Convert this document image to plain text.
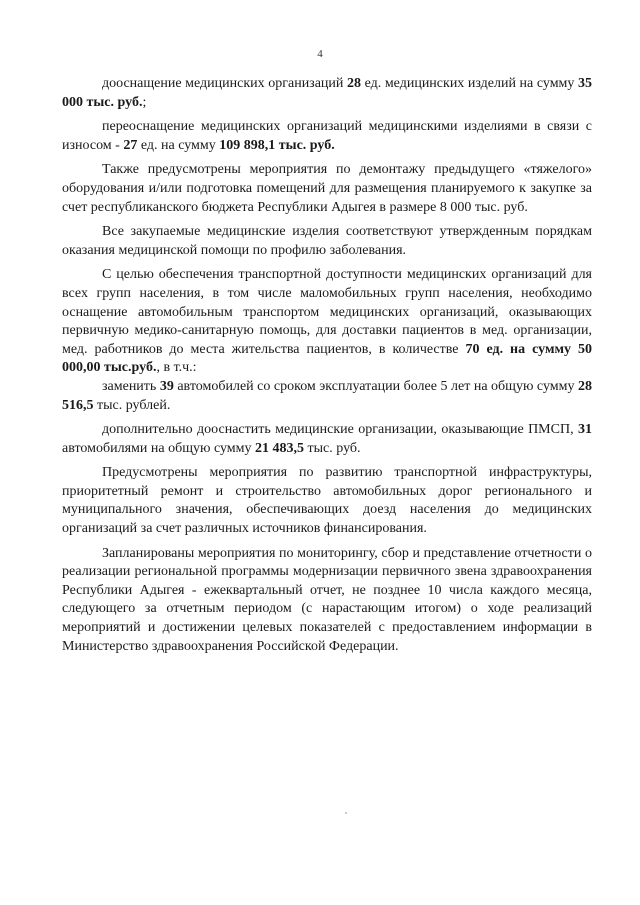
4

дооснащение медицинских организаций 28 ед. медицинских изделий на сумму 35 000 тыс. руб.;

переоснащение медицинских организаций медицинскими изделиями в связи с износом - 27 ед. на сумму 109 898,1 тыс. руб.

Также предусмотрены мероприятия по демонтажу предыдущего «тяжелого» оборудования и/или подготовка помещений для размещения планируемого к закупке за счет республиканского бюджета Республики Адыгея в размере 8 000 тыс. руб.

Все закупаемые медицинские изделия соответствуют утвержденным порядкам оказания медицинской помощи по профилю заболевания.

С целью обеспечения транспортной доступности медицинских организаций для всех групп населения, в том числе маломобильных групп населения, необходимо оснащение автомобильным транспортом медицинских организаций, оказывающих первичную медико-санитарную помощь, для доставки пациентов в мед. организации, мед. работников до места жительства пациентов, в количестве 70 ед. на сумму 50 000,00 тыс.руб., в т.ч.:

заменить 39 автомобилей со сроком эксплуатации более 5 лет на общую сумму 28 516,5 тыс. рублей.

дополнительно дооснастить медицинские организации, оказывающие ПМСП, 31 автомобилями на общую сумму 21 483,5 тыс. руб.

Предусмотрены мероприятия по развитию транспортной инфраструктуры, приоритетный ремонт и строительство автомобильных дорог регионального и муниципального значения, обеспечивающих доезд населения до медицинских организаций за счет различных источников финансирования.

Запланированы мероприятия по мониторингу, сбор и представление отчетности о реализации региональной программы модернизации первичного звена здравоохранения Республики Адыгея - ежеквартальный отчет, не позднее 10 числа каждого месяца, следующего за отчетным периодом (с нарастающим итогом) о ходе реализаций мероприятий и достижении целевых показателей с предоставлением информации в Министерство здравоохранения Российской Федерации.
